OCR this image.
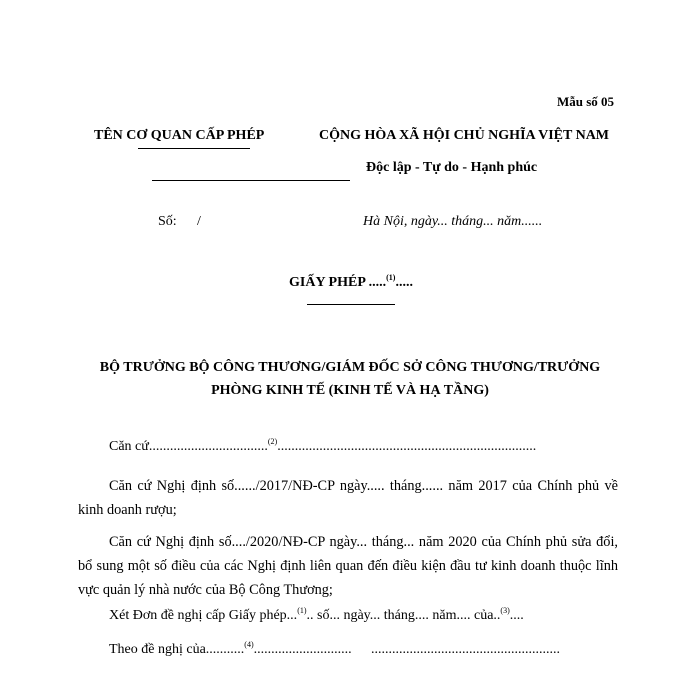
Mẫu số 05
TÊN CƠ QUAN CẤP PHÉP	CỘNG HÒA XÃ HỘI CHỦ NGHĨA VIỆT NAM
Độc lập - Tự do - Hạnh phúc
Số: /	Hà Nội, ngày... tháng... năm......
GIẤY PHÉP .....$^{(1)}$.....
BỘ TRƯỞNG BỘ CÔNG THƯƠNG/GIÁM ĐỐC SỞ CÔNG THƯƠNG/TRƯỞNG
PHÒNG KINH TẾ (KINH TẾ VÀ HẠ TẦNG)
Căn cứ..................................$^{(2)}$..........................................................................
Căn cứ Nghị định số....../2017/NĐ-CP ngày..... tháng...... năm 2017 của Chính phủ về kinh doanh rượu;
Căn cứ Nghị định số..../2020/NĐ-CP ngày... tháng... năm 2020 của Chính phủ sửa đổi, bổ sung một số điều của các Nghị định liên quan đến điều kiện đầu tư kinh doanh thuộc lĩnh vực quản lý nhà nước của Bộ Công Thương;
Xét Đơn đề nghị cấp Giấy phép...$^{(1)}$.. số... ngày... tháng.... năm.... của..$^{(3)}$....
Theo đề nghị của...........$^{(4)}$............................ ......................................................
